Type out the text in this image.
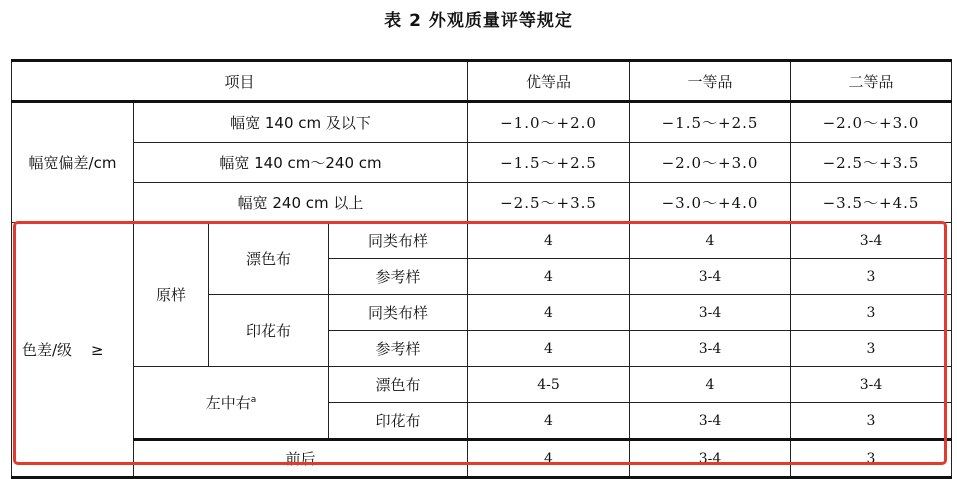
表 2 外观质量评等规定
项目				优等品	一等品	二等品
幅宽偏差/cm	幅宽 140 cm 及以下			−1.0～+2.0	−1.5～+2.5	−2.0～+3.0
	幅宽 140 cm～240 cm			−1.5～+2.5	−2.0～+3.0	−2.5～+3.5
	幅宽 240 cm 以上			−2.5～+3.5	−3.0～+4.0	−3.5～+4.5
色差/级 ≥	原样	漂色布	同类布样	4	4	3-4
			参考样	4	3-4	3
		印花布	同类布样	4	3-4	3
			参考样	4	3-4	3
	左中右$^a$		漂色布	4-5	4	3-4
			印花布	4	3-4	3
	前后			4	3-4	3
